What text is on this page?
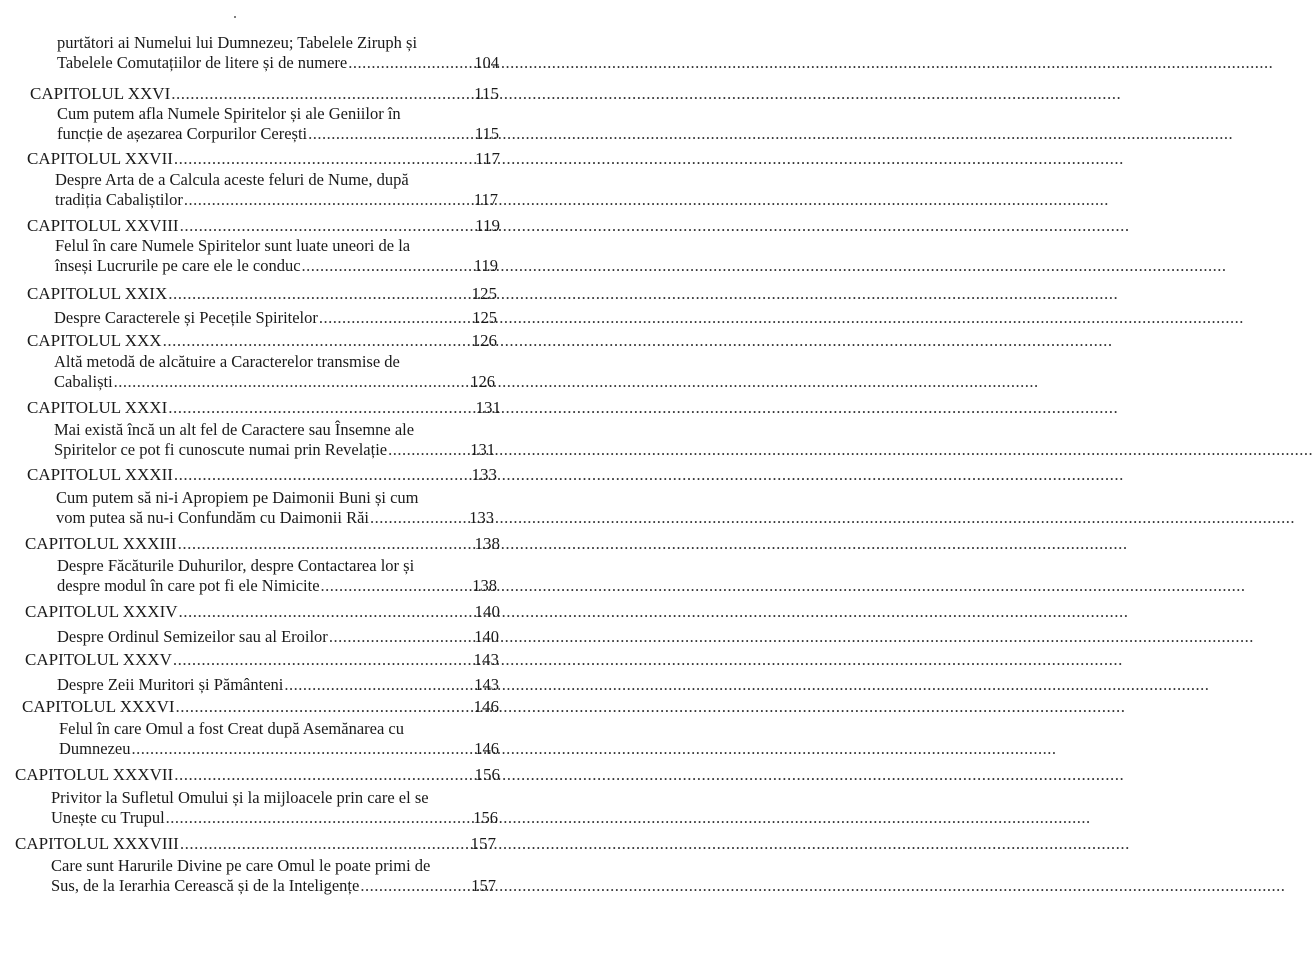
purtători ai Numelui lui Dumnezeu; Tabelele Ziruph și
Tabelele Comutațiilor de litere și de numere .....	104
CAPITOLUL XXVI .....	115
Cum putem afla Numele Spiritelor și ale Geniilor în
funcție de așezarea Corpurilor Cerești .....	115
CAPITOLUL XXVII .....	117
Despre Arta de a Calcula aceste feluri de Nume, după
tradiția Cabaliștilor .....	117
CAPITOLUL XXVIII .....	119
Felul în care Numele Spiritelor sunt luate uneori de la
înseși Lucrurile pe care ele le conduc .....	119
CAPITOLUL XXIX .....	125
Despre Caracterele și Pecețile Spiritelor .....	125
CAPITOLUL XXX .....	126
Altă metodă de alcătuire a Caracterelor transmise de
Cabaliști .....	126
CAPITOLUL XXXI .....	131
Mai există încă un alt fel de Caractere sau Însemne ale
Spiritelor ce pot fi cunoscute numai prin Revelație .....	131
CAPITOLUL XXXII .....	133
Cum putem să ni-i Apropiem pe Daimonii Buni și cum
vom putea să nu-i Confundăm cu Daimonii Răi .....	133
CAPITOLUL XXXIII .....	138
Despre Făcăturile Duhurilor, despre Contactarea lor și
despre modul în care pot fi ele Nimicite .....	138
CAPITOLUL XXXIV .....	140
Despre Ordinul Semizeilor sau al Eroilor .....	140
CAPITOLUL XXXV .....	143
Despre Zeii Muritori și Pământeni .....	143
CAPITOLUL XXXVI .....	146
Felul în care Omul a fost Creat după Asemănarea cu
Dumnezeu .....	146
CAPITOLUL XXXVII .....	156
Privitor la Sufletul Omului și la mijloacele prin care el se
Unește cu Trupul .....	156
CAPITOLUL XXXVIII .....	157
Care sunt Harurile Divine pe care Omul le poate primi de
Sus, de la Ierarhia Cerească și de la Inteligențe .....	157
